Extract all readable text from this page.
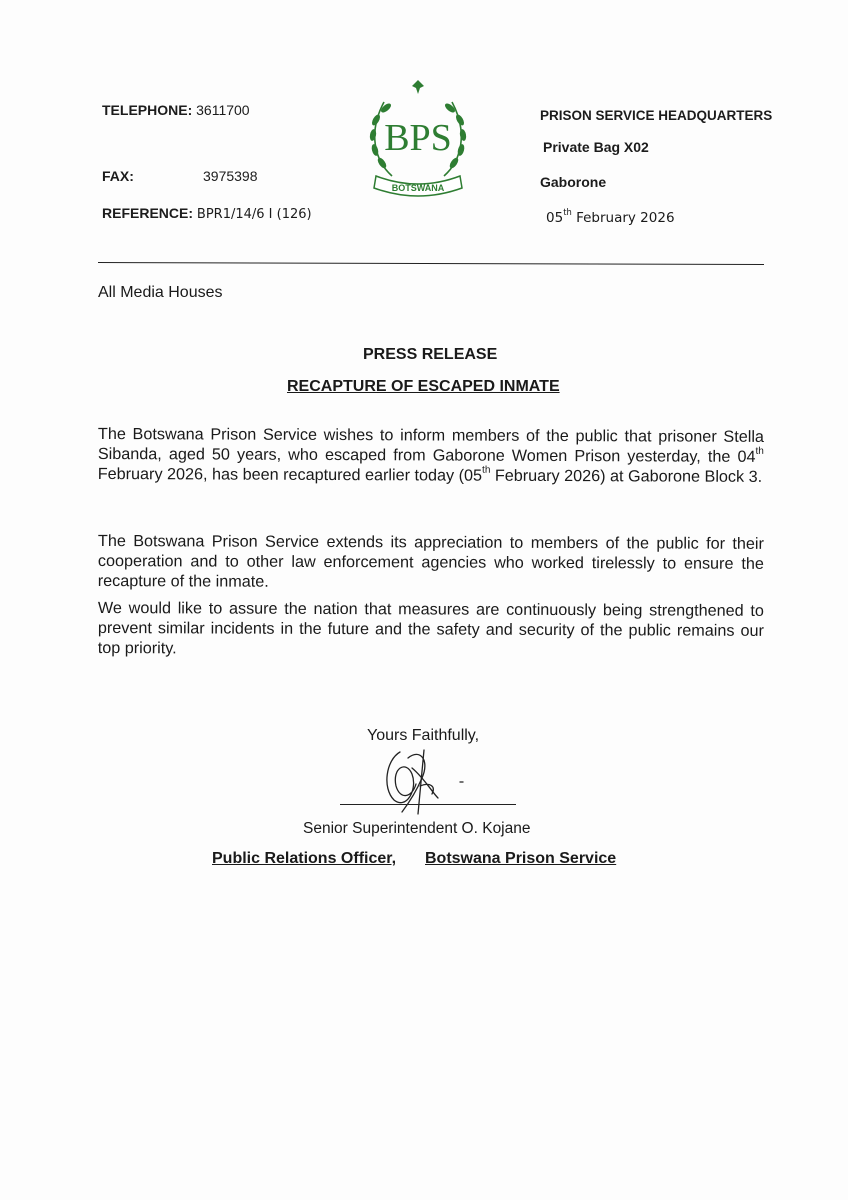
TELEPHONE: 3611700
FAX:	3975398
REFERENCE: BPR1/14/6 I (126)
BPS
BOTSWANA
PRISON SERVICE HEADQUARTERS
Private Bag X02
Gaborone
05th February 2026
All Media Houses
PRESS RELEASE
RECAPTURE OF ESCAPED INMATE
The Botswana Prison Service wishes to inform members of the public that prisoner Stella Sibanda, aged 50 years, who escaped from Gaborone Women Prison yesterday, the 04th February 2026, has been recaptured earlier today (05th February 2026) at Gaborone Block 3.
The Botswana Prison Service extends its appreciation to members of the public for their cooperation and to other law enforcement agencies who worked tirelessly to ensure the recapture of the inmate.
We would like to assure the nation that measures are continuously being strengthened to prevent similar incidents in the future and the safety and security of the public remains our top priority.
Yours Faithfully,
Senior Superintendent O. Kojane
Public Relations Officer, Botswana Prison Service
